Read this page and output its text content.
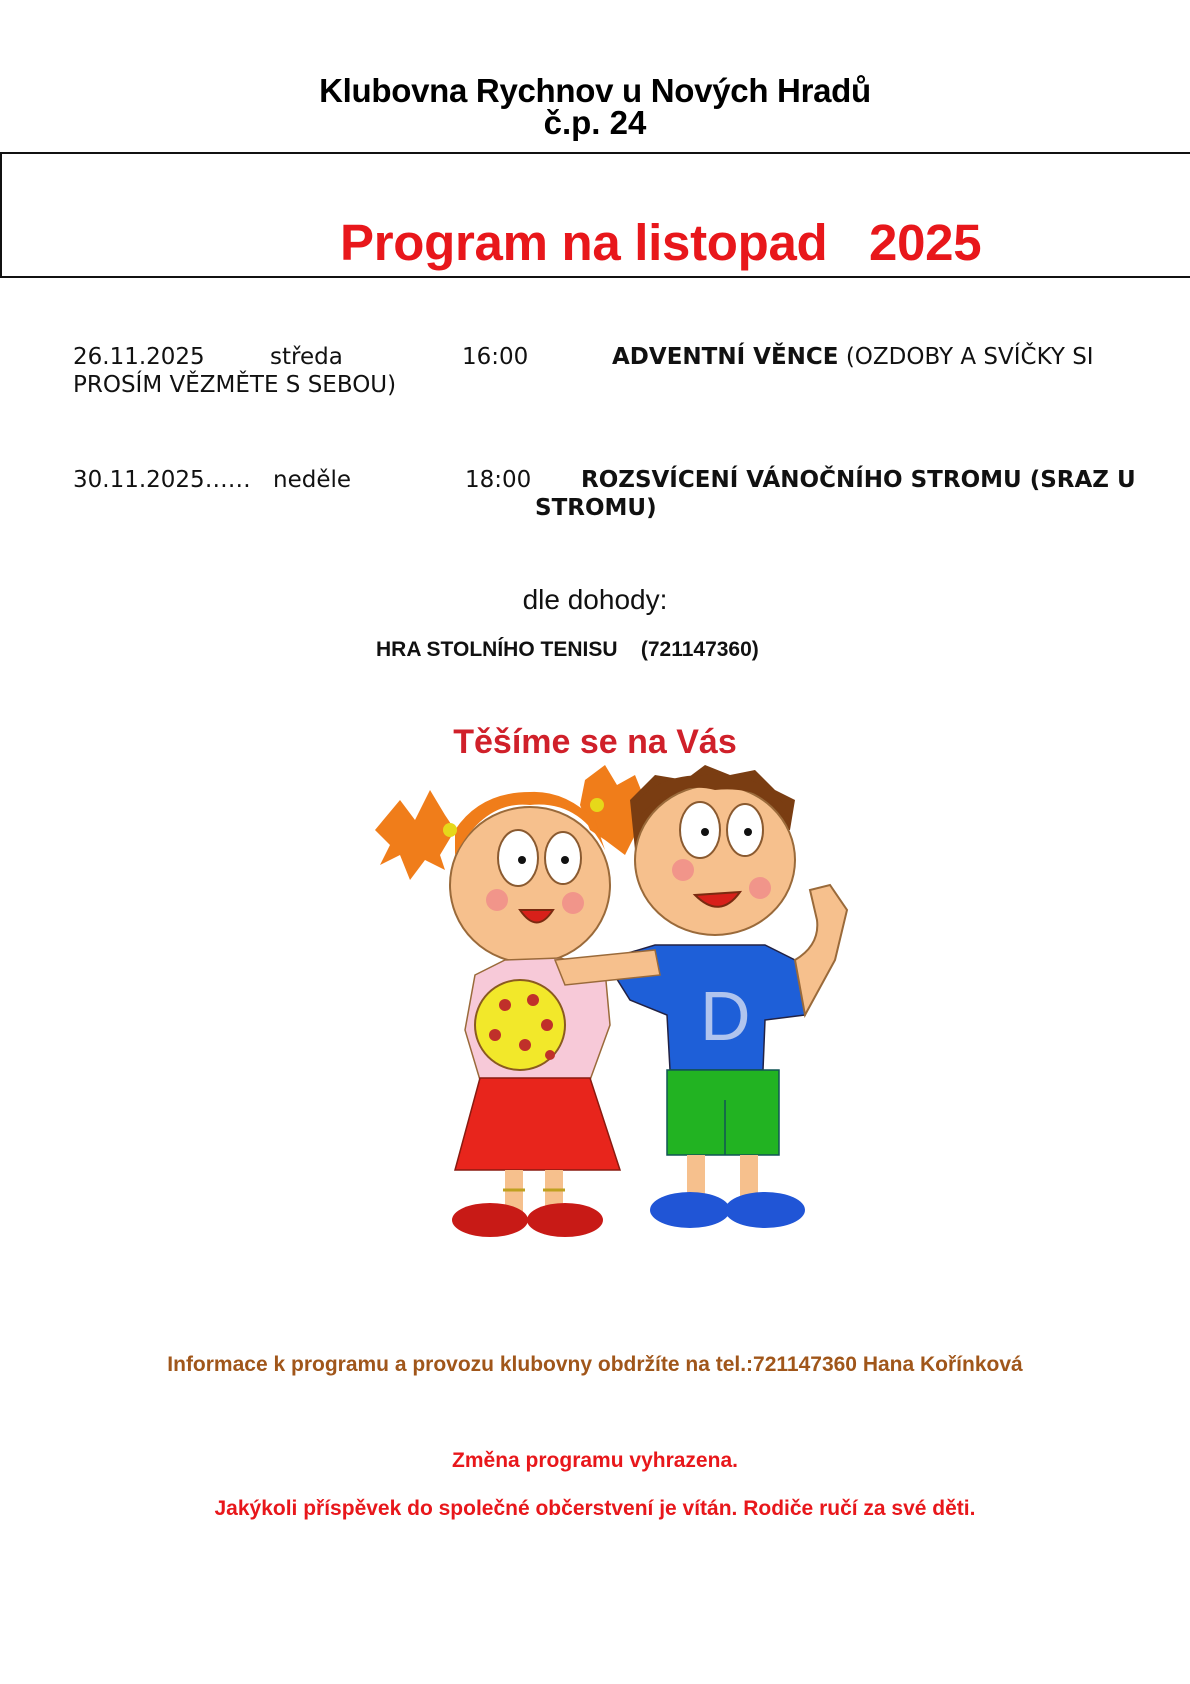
Klubovna Rychnov u Nových Hradů
č.p. 24
Program na listopad   2025
26.11.2025	středa	16:00	ADVENTNÍ VĚNCE (OZDOBY A SVÍČKY SI
PROSÍM VĚZMĚTE S SEBOU)
30.11.2025…… neděle	18:00 ROZSVÍCENÍ VÁNOČNÍHO STROMU (SRAZ U
STROMU)
dle dohody:
HRA STOLNÍHO TENISU    (721147360)
Těšíme se na Vás
D
Informace k programu a provozu klubovny obdržíte na tel.:721147360 Hana Kořínková
Změna programu vyhrazena.
Jakýkoli příspěvek do společné občerstvení je vítán. Rodiče ručí za své děti.
